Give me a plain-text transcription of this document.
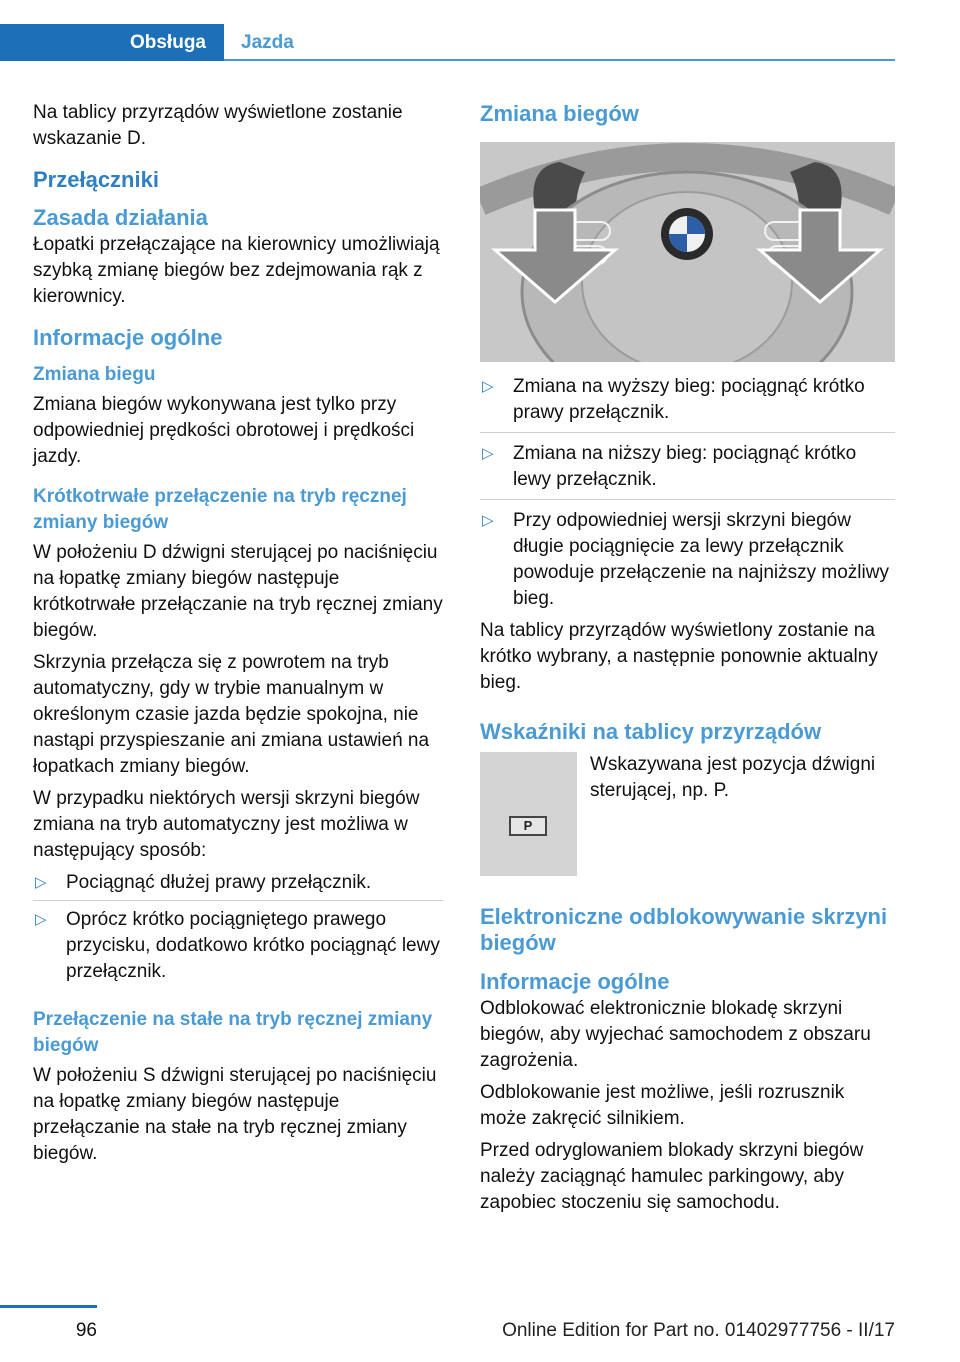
Obsługa	Jazda

Na tablicy przyrządów wyświetlone zostanie wskazanie D.

Przełączniki
Zasada działania

Łopatki przełączające na kierownicy umożliwiają szybką zmianę biegów bez zdejmowania rąk z kierownicy.

Informacje ogólne
Zmiana biegu

Zmiana biegów wykonywana jest tylko przy odpowiedniej prędkości obrotowej i prędkości jazdy.

Krótkotrwałe przełączenie na tryb ręcznej zmiany biegów

W położeniu D dźwigni sterującej po naciśnięciu na łopatkę zmiany biegów następuje krótkotrwałe przełączanie na tryb ręcznej zmiany biegów.

Skrzynia przełącza się z powrotem na tryb automatyczny, gdy w trybie manualnym w określonym czasie jazda będzie spokojna, nie nastąpi przyspieszanie ani zmiana ustawień na łopatkach zmiany biegów.

W przypadku niektórych wersji skrzyni biegów zmiana na tryb automatyczny jest możliwa w następujący sposób:

▷ Pociągnąć dłużej prawy przełącznik.
▷ Oprócz krótko pociągniętego prawego przycisku, dodatkowo krótko pociągnąć lewy przełącznik.
Przełączenie na stałe na tryb ręcznej zmiany biegów

W położeniu S dźwigni sterującej po naciśnięciu na łopatkę zmiany biegów następuje przełączanie na stałe na tryb ręcznej zmiany biegów.

Zmiana biegów
▷ Zmiana na wyższy bieg: pociągnąć krótko prawy przełącznik.
▷ Zmiana na niższy bieg: pociągnąć krótko lewy przełącznik.
▷ Przy odpowiedniej wersji skrzyni biegów długie pociągnięcie za lewy przełącznik powoduje przełączenie na najniższy możliwy bieg.

Na tablicy przyrządów wyświetlony zostanie na krótko wybrany, a następnie ponownie aktualny bieg.

Wskaźniki na tablicy przyrządów
P

Wskazywana jest pozycja dźwigni sterującej, np. P.

Elektroniczne odblokowywanie skrzyni biegów
Informacje ogólne

Odblokować elektronicznie blokadę skrzyni biegów, aby wyjechać samochodem z obszaru zagrożenia.

Odblokowanie jest możliwe, jeśli rozrusznik może zakręcić silnikiem.

Przed odryglowaniem blokady skrzyni biegów należy zaciągnąć hamulec parkingowy, aby zapobiec stoczeniu się samochodu.

96	Online Edition for Part no. 01402977756 - II/17
